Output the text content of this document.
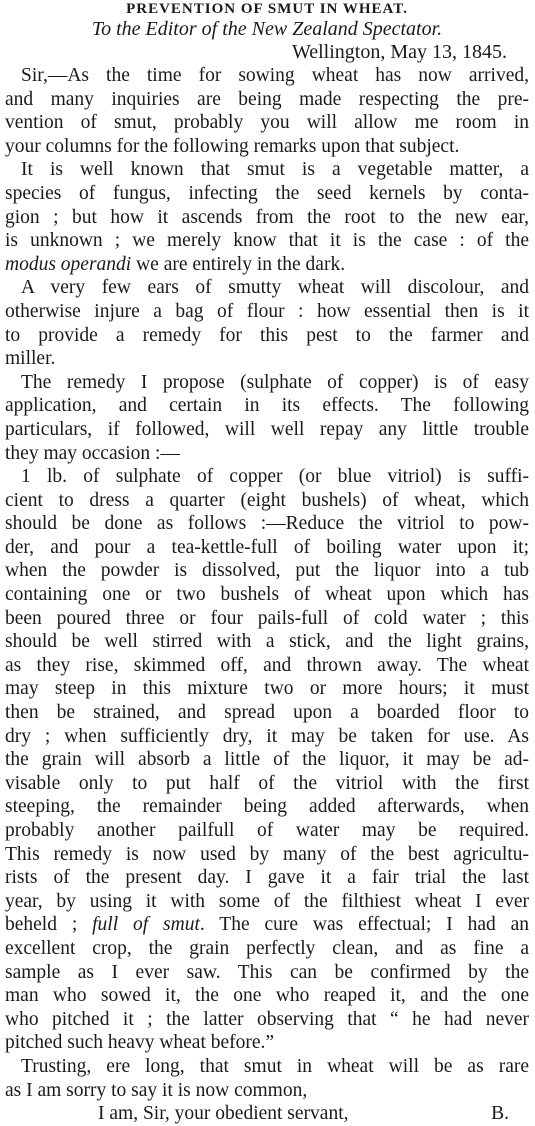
PREVENTION OF SMUT IN WHEAT.
To the Editor of the New Zealand Spectator.
Wellington, May 13, 1845.
Sir,—As the time for sowing wheat has now arrived,
and many inquiries are being made respecting the pre-
vention of smut, probably you will allow me room in
your columns for the following remarks upon that subject.
It is well known that smut is a vegetable matter, a
species of fungus, infecting the seed kernels by conta-
gion ; but how it ascends from the root to the new ear,
is unknown ; we merely know that it is the case : of the
modus operandi we are entirely in the dark.
A very few ears of smutty wheat will discolour, and
otherwise injure a bag of flour : how essential then is it
to provide a remedy for this pest to the farmer and
miller.
The remedy I propose (sulphate of copper) is of easy
application, and certain in its effects. The following
particulars, if followed, will well repay any little trouble
they may occasion :—
1 lb. of sulphate of copper (or blue vitriol) is suffi-
cient to dress a quarter (eight bushels) of wheat, which
should be done as follows :—Reduce the vitriol to pow-
der, and pour a tea-kettle-full of boiling water upon it;
when the powder is dissolved, put the liquor into a tub
containing one or two bushels of wheat upon which has
been poured three or four pails-full of cold water ; this
should be well stirred with a stick, and the light grains,
as they rise, skimmed off, and thrown away. The wheat
may steep in this mixture two or more hours; it must
then be strained, and spread upon a boarded floor to
dry ; when sufficiently dry, it may be taken for use. As
the grain will absorb a little of the liquor, it may be ad-
visable only to put half of the vitriol with the first
steeping, the remainder being added afterwards, when
probably another pailfull of water may be required.
This remedy is now used by many of the best agricultu-
rists of the present day. I gave it a fair trial the last
year, by using it with some of the filthiest wheat I ever
beheld ; full of smut. The cure was effectual; I had an
excellent crop, the grain perfectly clean, and as fine a
sample as I ever saw. This can be confirmed by the
man who sowed it, the one who reaped it, and the one
who pitched it ; the latter observing that “ he had never
pitched such heavy wheat before.”
Trusting, ere long, that smut in wheat will be as rare
as I am sorry to say it is now common,
I am, Sir, your obedient servant,	B.
